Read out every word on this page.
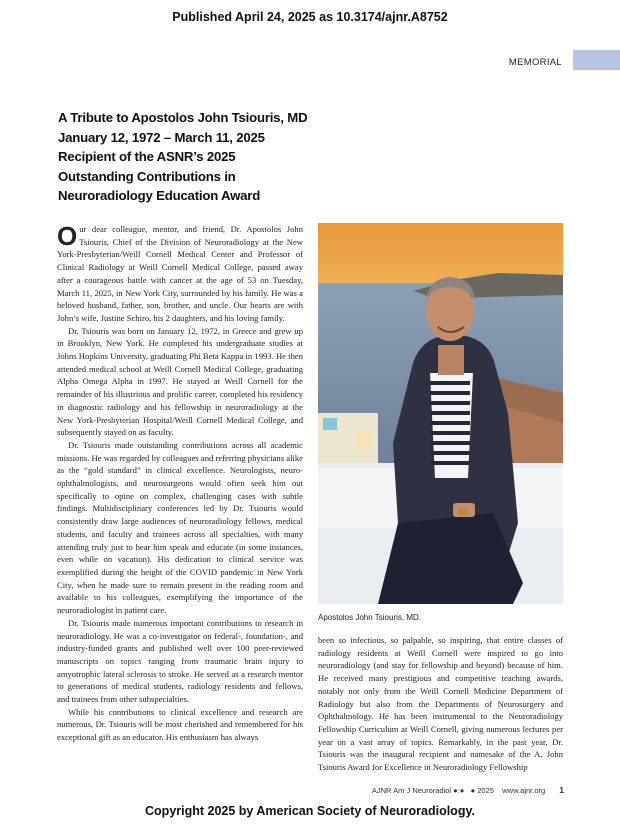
Published April 24, 2025 as 10.3174/ajnr.A8752
MEMORIAL
A Tribute to Apostolos John Tsiouris, MD
January 12, 1972 – March 11, 2025
Recipient of the ASNR’s 2025
Outstanding Contributions in
Neuroradiology Education Award

Our dear colleague, mentor, and friend, Dr. Apostolos John Tsiouris, Chief of the Division of Neuroradiology at the New York-Presbyterian/Weill Cornell Medical Center and Professor of Clinical Radiology at Weill Cornell Medical College, passed away after a courageous battle with cancer at the age of 53 on Tuesday, March 11, 2025, in New York City, surrounded by his family. He was a beloved husband, father, son, brother, and uncle. Our hearts are with John’s wife, Justine Schiro, his 2 daughters, and his loving family.

Dr. Tsiouris was born on January 12, 1972, in Greece and grew up in Brooklyn, New York. He completed his undergraduate studies at Johns Hopkins University, graduating Phi Beta Kappa in 1993. He then attended medical school at Weill Cornell Medical College, graduating Alpha Omega Alpha in 1997. He stayed at Weill Cornell for the remainder of his illustrious and prolific career, completed his residency in diagnostic radiology and his fellowship in neuroradiology at the New York-Presbyterian Hospital/Weill Cornell Medical College, and subsequently stayed on as faculty.

Dr. Tsiouris made outstanding contributions across all academic missions. He was regarded by colleagues and referring physicians alike as the “gold standard” in clinical excellence. Neurologists, neuro-ophthalmologists, and neurosurgeons would often seek him out specifically to opine on complex, challenging cases with subtle findings. Multidisciplinary conferences led by Dr. Tsiouris would consistently draw large audiences of neuroradiology fellows, medical students, and faculty and trainees across all specialties, with many attending truly just to hear him speak and educate (in some instances, even while on vacation). His dedication to clinical service was exemplified during the height of the COVID pandemic in New York City, when he made sure to remain present in the reading room and available to his colleagues, exemplifying the importance of the neuroradiologist in patient care.

Dr. Tsiouris made numerous important contributions to research in neuroradiology. He was a co-investigator on federal-, foundation-, and industry-funded grants and published well over 100 peer-reviewed manuscripts on topics ranging from traumatic brain injury to amyotrophic lateral sclerosis to stroke. He served as a research mentor to generations of medical students, radiology residents and fellows, and trainees from other subspecialties.

While his contributions to clinical excellence and research are numerous, Dr. Tsiouris will be most cherished and remembered for his exceptional gift as an educator. His enthusiasm has always

Apostolos John Tsiouris, MD.

been so infectious, so palpable, so inspiring, that entire classes of radiology residents at Weill Cornell were inspired to go into neuroradiology (and stay for fellowship and beyond) because of him. He received many prestigious and competitive teaching awards, notably not only from the Weill Cornell Medicine Department of Radiology but also from the Departments of Neurosurgery and Ophthalmology. He has been instrumental to the Neuroradiology Fellowship Curriculum at Weill Cornell, giving numerous lectures per year on a vast array of topics. Remarkably, in the past year, Dr. Tsiouris was the inaugural recipient and namesake of the A. John Tsiouris Award for Excellence in Neuroradiology Fellowship

AJNR Am J Neuroradiol ●:● ● 2025 www.ajnr.org 1
Copyright 2025 by American Society of Neuroradiology.
